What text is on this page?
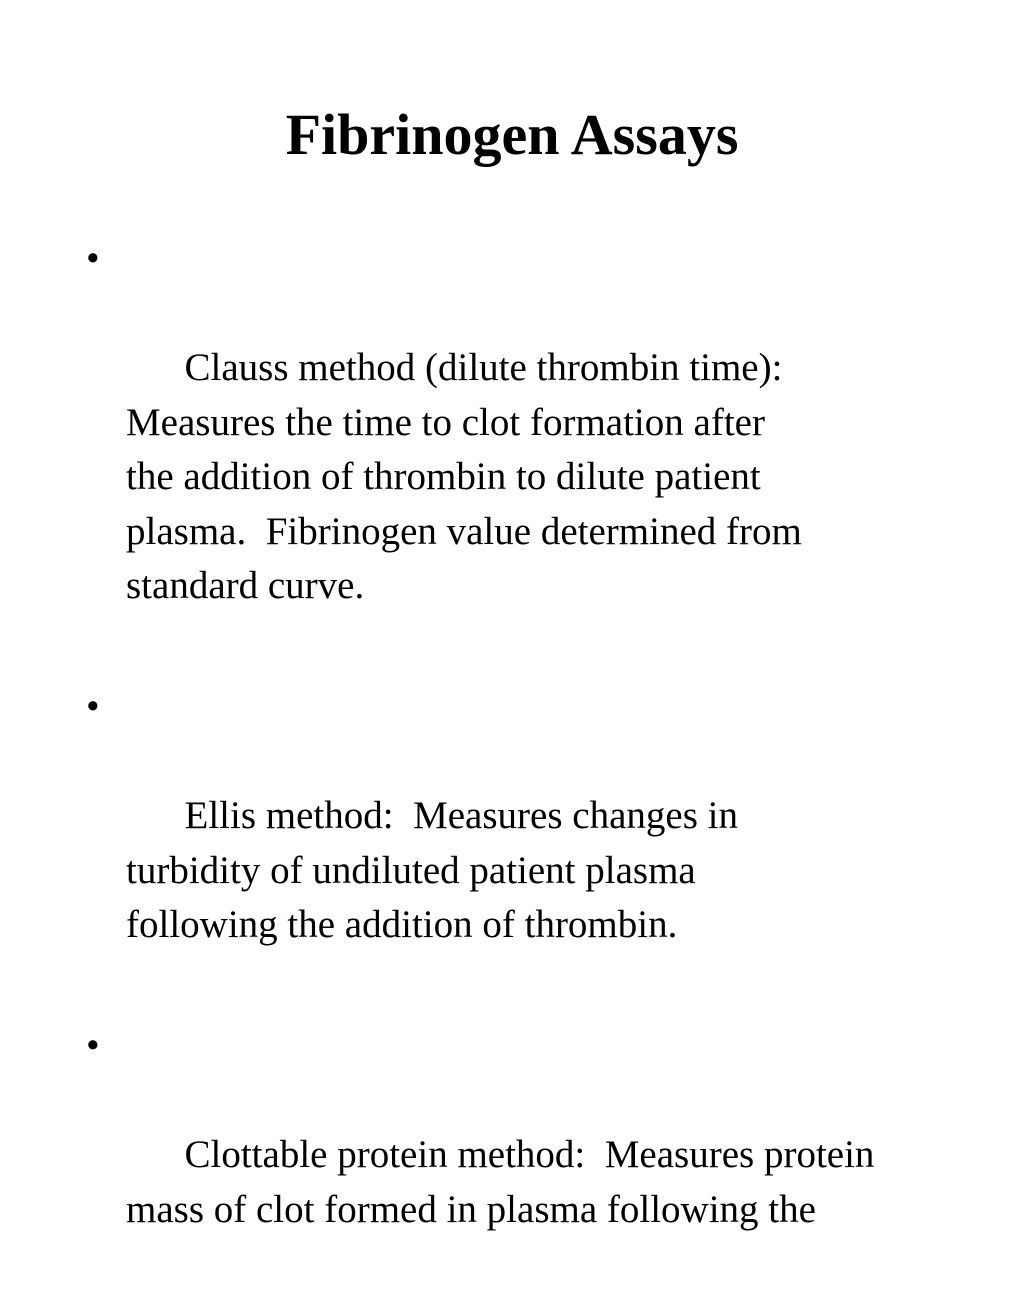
Fibrinogen Assays

•

Clauss method (dilute thrombin time):
Measures the time to clot formation after
the addition of thrombin to dilute patient
plasma.  Fibrinogen value determined from
standard curve.

•

Ellis method:  Measures changes in
turbidity of undiluted patient plasma
following the addition of thrombin.

•

Clottable protein method:  Measures protein
mass of clot formed in plasma following the
